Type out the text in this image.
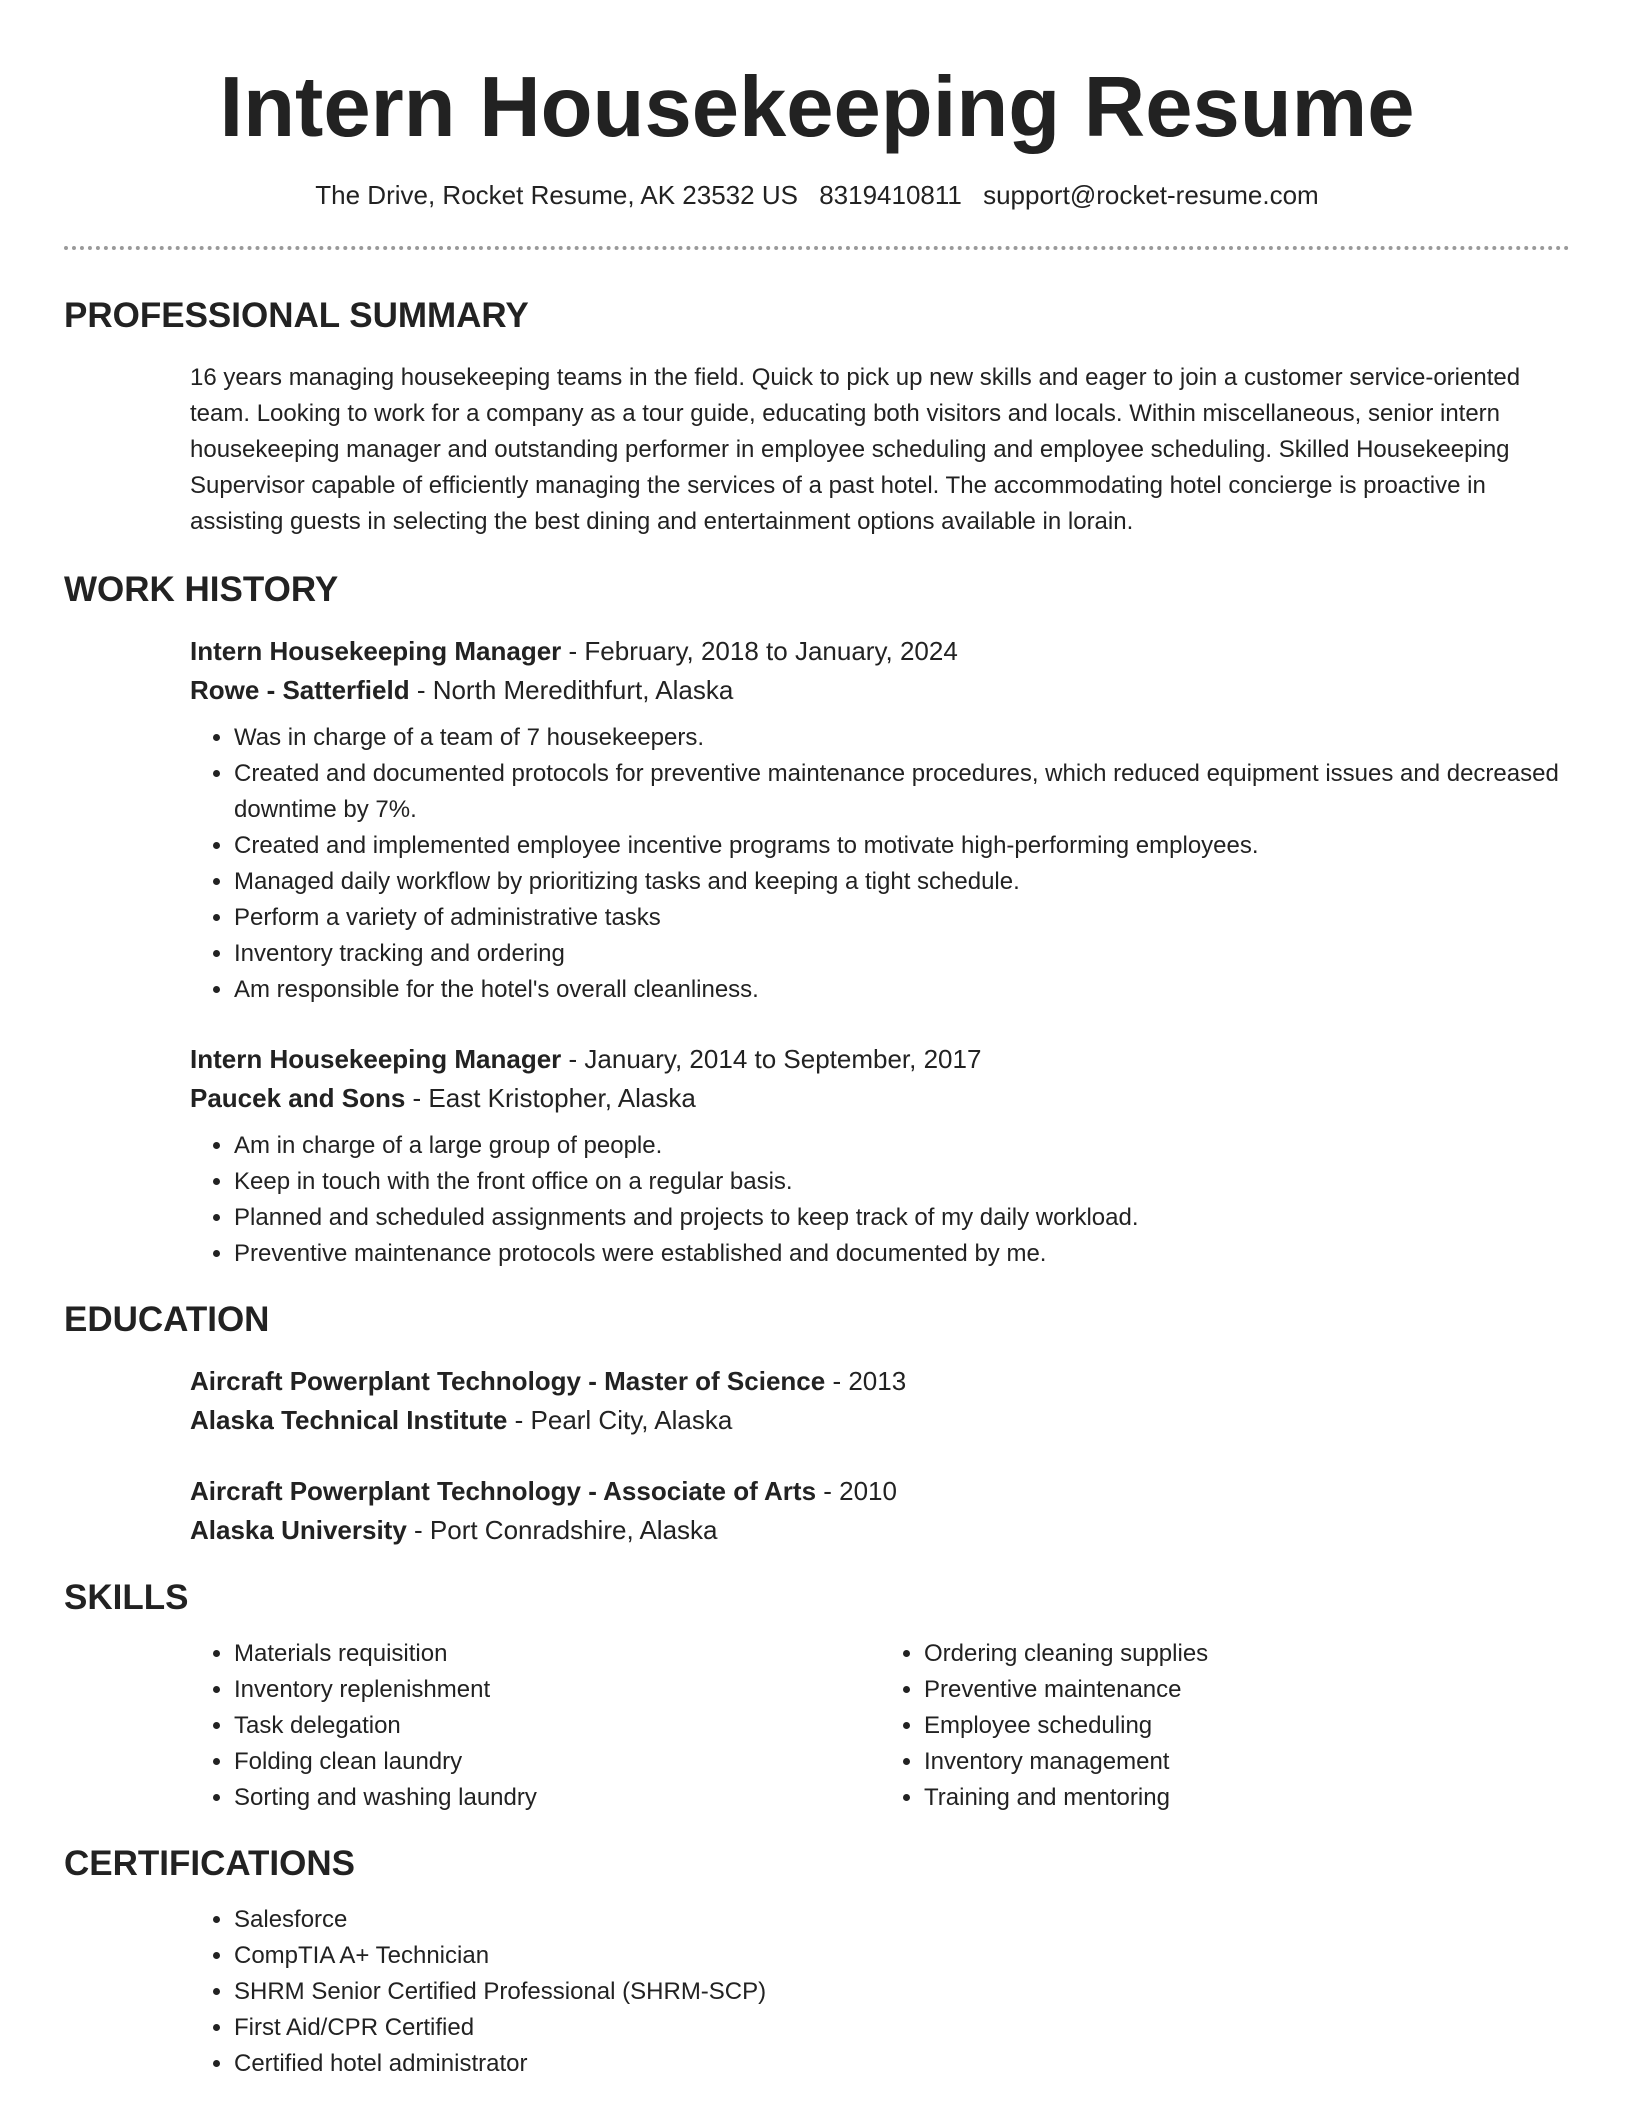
Intern Housekeeping Resume
The Drive, Rocket Resume, AK 23532 US 8319410811 support@rocket-resume.com
PROFESSIONAL SUMMARY

16 years managing housekeeping teams in the field. Quick to pick up new skills and eager to join a customer service-oriented team. Looking to work for a company as a tour guide, educating both visitors and locals. Within miscellaneous, senior intern housekeeping manager and outstanding performer in employee scheduling and employee scheduling. Skilled Housekeeping Supervisor capable of efficiently managing the services of a past hotel. The accommodating hotel concierge is proactive in assisting guests in selecting the best dining and entertainment options available in lorain.

WORK HISTORY
Intern Housekeeping Manager - February, 2018 to January, 2024
Rowe - Satterfield - North Meredithfurt, Alaska
• Was in charge of a team of 7 housekeepers.
• Created and documented protocols for preventive maintenance procedures, which reduced equipment issues and decreased downtime by 7%.
• Created and implemented employee incentive programs to motivate high-performing employees.
• Managed daily workflow by prioritizing tasks and keeping a tight schedule.
• Perform a variety of administrative tasks
• Inventory tracking and ordering
• Am responsible for the hotel's overall cleanliness.
Intern Housekeeping Manager - January, 2014 to September, 2017
Paucek and Sons - East Kristopher, Alaska
• Am in charge of a large group of people.
• Keep in touch with the front office on a regular basis.
• Planned and scheduled assignments and projects to keep track of my daily workload.
• Preventive maintenance protocols were established and documented by me.
EDUCATION
Aircraft Powerplant Technology - Master of Science - 2013
Alaska Technical Institute - Pearl City, Alaska
Aircraft Powerplant Technology - Associate of Arts - 2010
Alaska University - Port Conradshire, Alaska
SKILLS
• Materials requisition
• Inventory replenishment
• Task delegation
• Folding clean laundry
• Sorting and washing laundry
• Ordering cleaning supplies
• Preventive maintenance
• Employee scheduling
• Inventory management
• Training and mentoring
CERTIFICATIONS
• Salesforce
• CompTIA A+ Technician
• SHRM Senior Certified Professional (SHRM-SCP)
• First Aid/CPR Certified
• Certified hotel administrator
